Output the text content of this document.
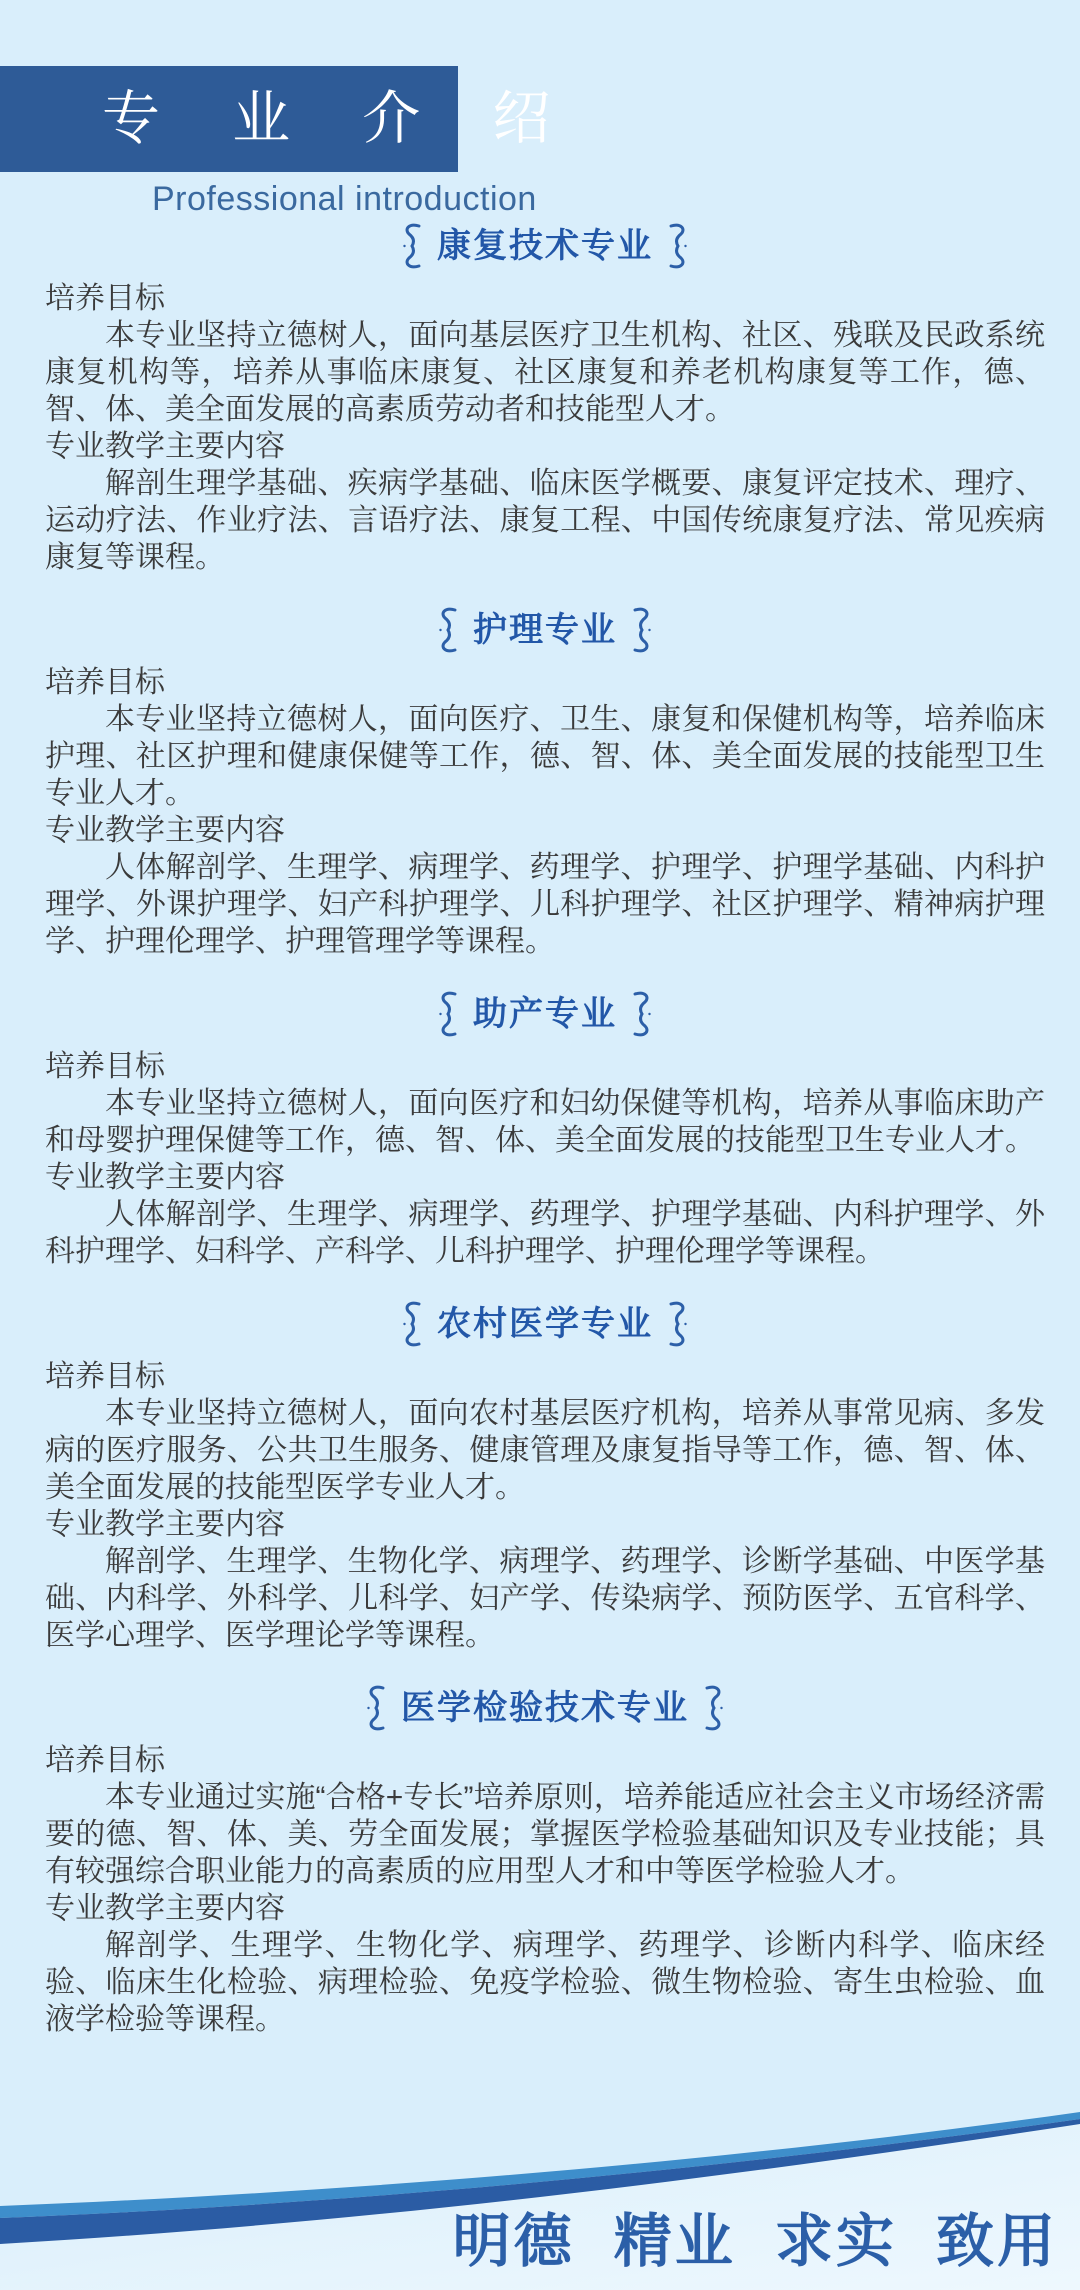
专 业 介 绍
Professional introduction
康复技术专业
培养目标
本专业坚持立德树人，面向基层医疗卫生机构、社区、残联及民政系统康复机构等，培养从事临床康复、社区康复和养老机构康复等工作，德、智、体、美全面发展的高素质劳动者和技能型人才。
专业教学主要内容
解剖生理学基础、疾病学基础、临床医学概要、康复评定技术、理疗、运动疗法、作业疗法、言语疗法、康复工程、中国传统康复疗法、常见疾病康复等课程。
护理专业
培养目标
本专业坚持立德树人，面向医疗、卫生、康复和保健机构等，培养临床护理、社区护理和健康保健等工作，德、智、体、美全面发展的技能型卫生专业人才。
专业教学主要内容
人体解剖学、生理学、病理学、药理学、护理学、护理学基础、内科护理学、外课护理学、妇产科护理学、儿科护理学、社区护理学、精神病护理学、护理伦理学、护理管理学等课程。
助产专业
培养目标
本专业坚持立德树人，面向医疗和妇幼保健等机构，培养从事临床助产和母婴护理保健等工作，德、智、体、美全面发展的技能型卫生专业人才。
专业教学主要内容
人体解剖学、生理学、病理学、药理学、护理学基础、内科护理学、外科护理学、妇科学、产科学、儿科护理学、护理伦理学等课程。
农村医学专业
培养目标
本专业坚持立德树人，面向农村基层医疗机构，培养从事常见病、多发病的医疗服务、公共卫生服务、健康管理及康复指导等工作，德、智、体、美全面发展的技能型医学专业人才。
专业教学主要内容
解剖学、生理学、生物化学、病理学、药理学、诊断学基础、中医学基础、内科学、外科学、儿科学、妇产学、传染病学、预防医学、五官科学、医学心理学、医学理论学等课程。
医学检验技术专业
培养目标
本专业通过实施“合格+专长”培养原则，培养能适应社会主义市场经济需要的德、智、体、美、劳全面发展；掌握医学检验基础知识及专业技能；具有较强综合职业能力的高素质的应用型人才和中等医学检验人才。
专业教学主要内容
解剖学、生理学、生物化学、病理学、药理学、诊断内科学、临床经验、临床生化检验、病理检验、免疫学检验、微生物检验、寄生虫检验、血液学检验等课程。
明德 精业 求实 致用
